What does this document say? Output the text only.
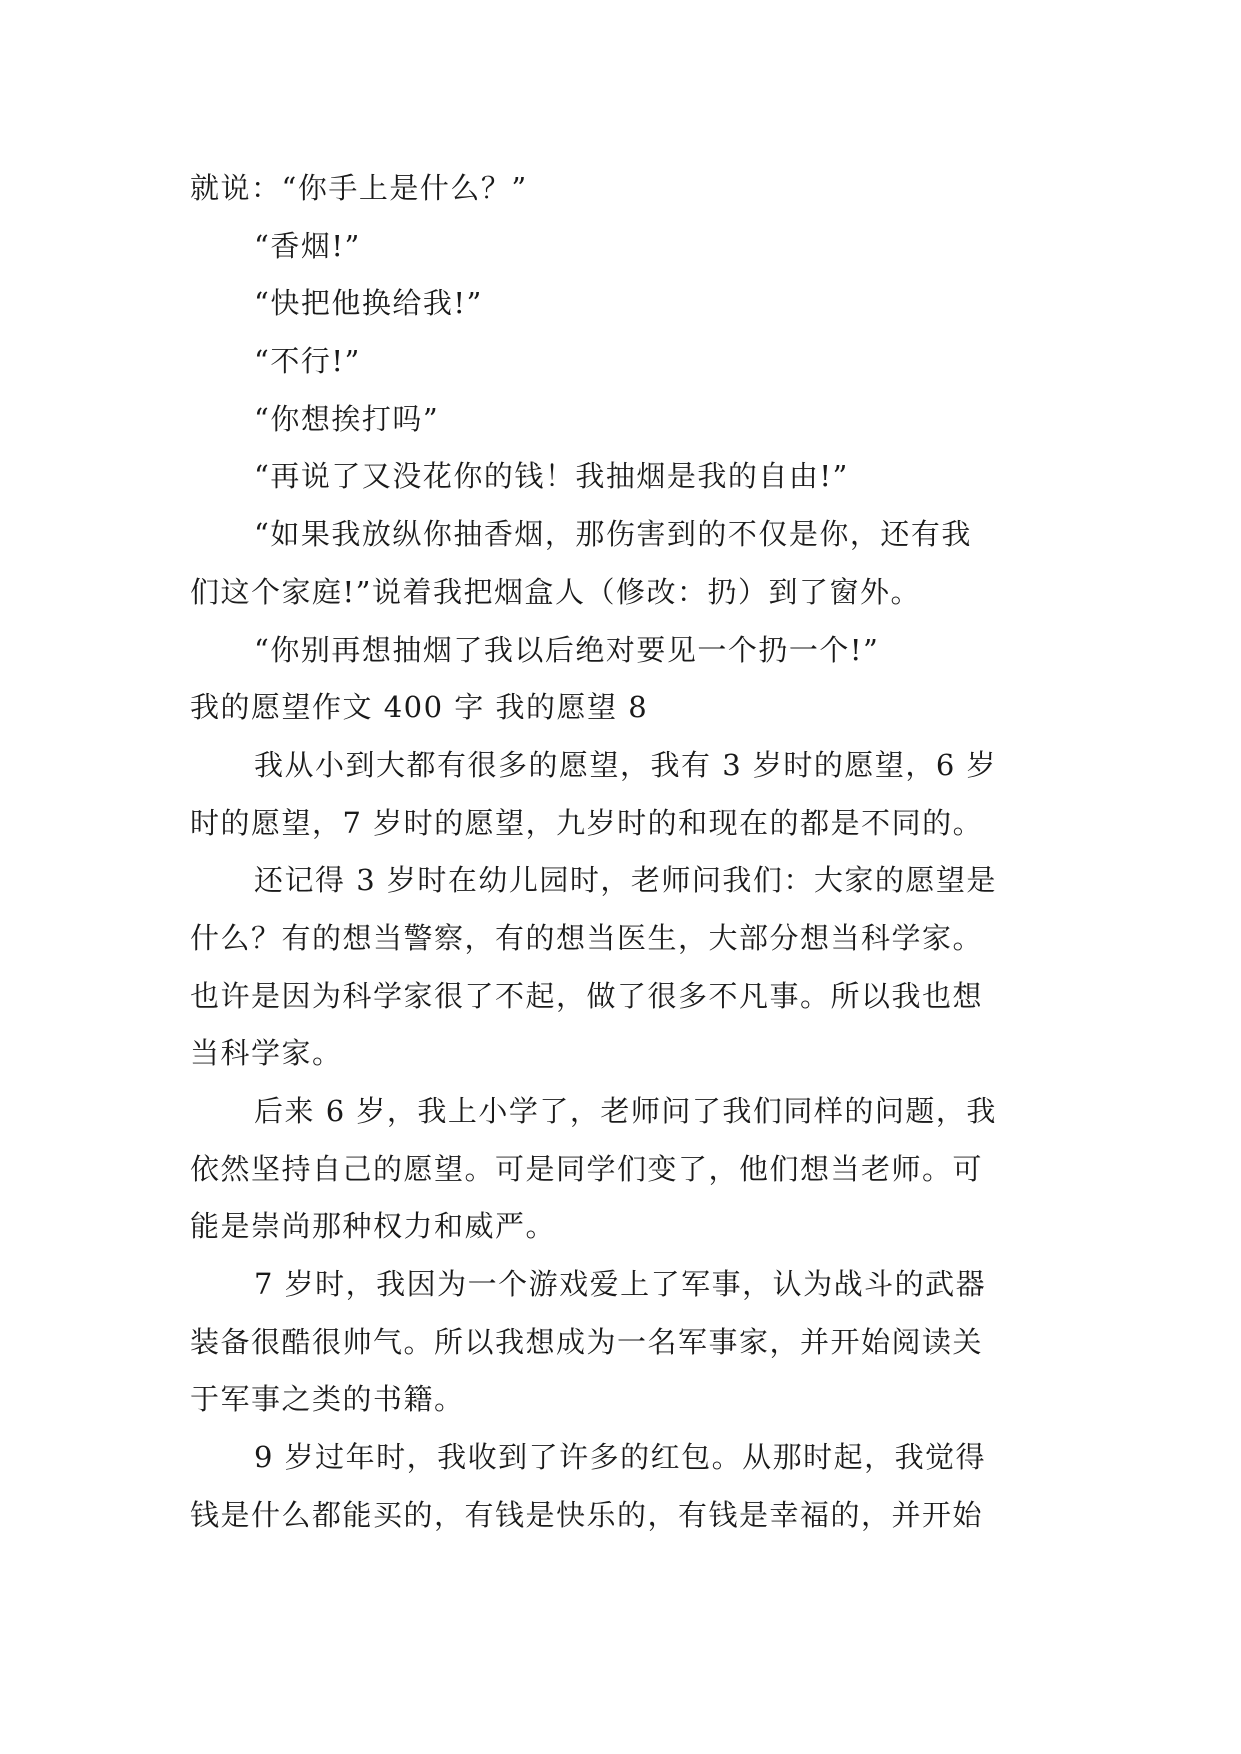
就说：“你手上是什么？”
“香烟!”
“快把他换给我!”
“不行!”
“你想挨打吗”
“再说了又没花你的钱！我抽烟是我的自由!”
“如果我放纵你抽香烟，那伤害到的不仅是你，还有我
们这个家庭!”说着我把烟盒人（修改：扔）到了窗外。
“你别再想抽烟了我以后绝对要见一个扔一个!”
我的愿望作文 400 字 我的愿望 8
我从小到大都有很多的愿望，我有 3 岁时的愿望，6 岁
时的愿望，7 岁时的愿望，九岁时的和现在的都是不同的。
还记得 3 岁时在幼儿园时，老师问我们：大家的愿望是
什么？有的想当警察，有的想当医生，大部分想当科学家。
也许是因为科学家很了不起，做了很多不凡事。所以我也想
当科学家。
后来 6 岁，我上小学了，老师问了我们同样的问题，我
依然坚持自己的愿望。可是同学们变了，他们想当老师。可
能是崇尚那种权力和威严。
7 岁时，我因为一个游戏爱上了军事，认为战斗的武器
装备很酷很帅气。所以我想成为一名军事家，并开始阅读关
于军事之类的书籍。
9 岁过年时，我收到了许多的红包。从那时起，我觉得
钱是什么都能买的，有钱是快乐的，有钱是幸福的，并开始
